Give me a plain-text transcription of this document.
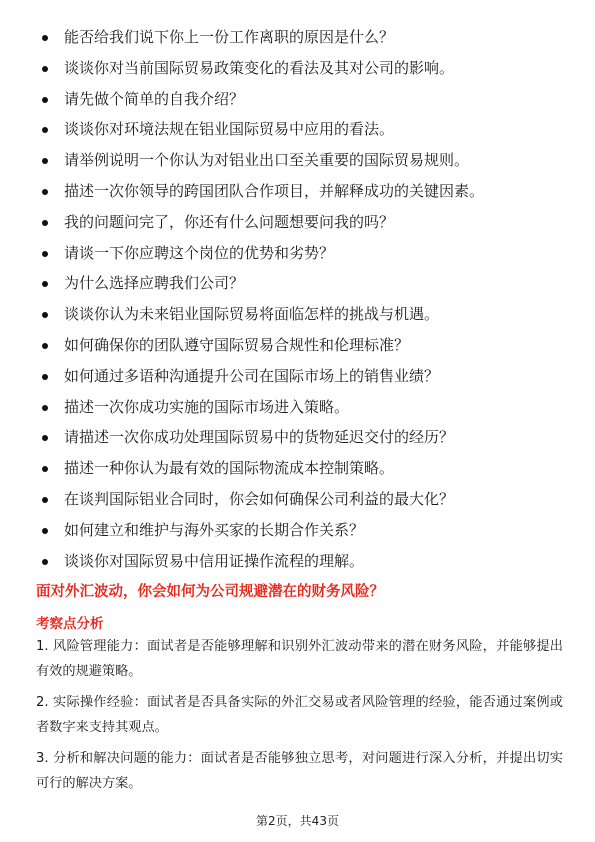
能否给我们说下你上一份工作离职的原因是什么？
谈谈你对当前国际贸易政策变化的看法及其对公司的影响。
请先做个简单的自我介绍？
谈谈你对环境法规在铝业国际贸易中应用的看法。
请举例说明一个你认为对铝业出口至关重要的国际贸易规则。
描述一次你领导的跨国团队合作项目，并解释成功的关键因素。
我的问题问完了，你还有什么问题想要问我的吗？
请谈一下你应聘这个岗位的优势和劣势？
为什么选择应聘我们公司？
谈谈你认为未来铝业国际贸易将面临怎样的挑战与机遇。
如何确保你的团队遵守国际贸易合规性和伦理标准？
如何通过多语种沟通提升公司在国际市场上的销售业绩？
描述一次你成功实施的国际市场进入策略。
请描述一次你成功处理国际贸易中的货物延迟交付的经历？
描述一种你认为最有效的国际物流成本控制策略。
在谈判国际铝业合同时，你会如何确保公司利益的最大化？
如何建立和维护与海外买家的长期合作关系？
谈谈你对国际贸易中信用证操作流程的理解。
面对外汇波动，你会如何为公司规避潜在的财务风险？
考察点分析

1. 风险管理能力：面试者是否能够理解和识别外汇波动带来的潜在财务风险，并能够提出有效的规避策略。

2. 实际操作经验：面试者是否具备实际的外汇交易或者风险管理的经验，能否通过案例或者数字来支持其观点。

3. 分析和解决问题的能力：面试者是否能够独立思考，对问题进行深入分析，并提出切实可行的解决方案。

第2页，共43页
